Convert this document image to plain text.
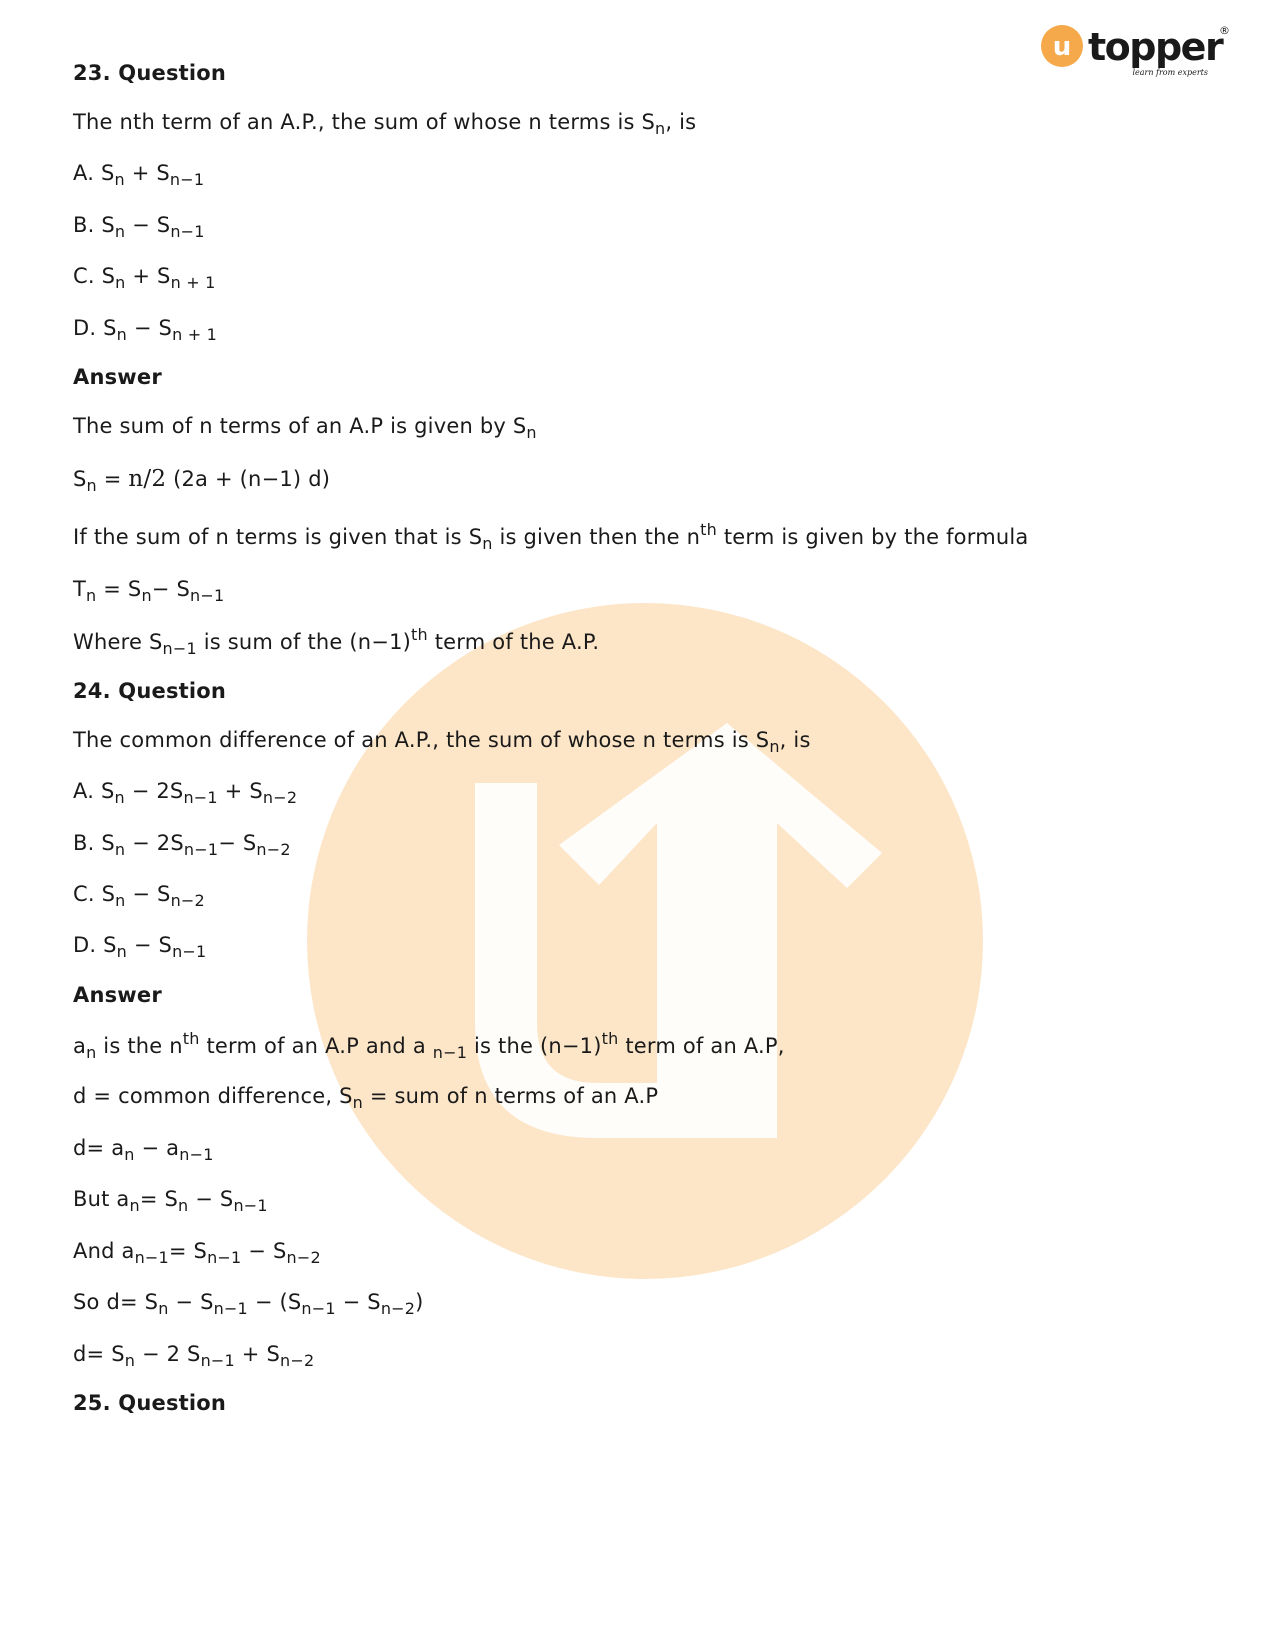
u topper
®
learn from experts
23. Question
The nth term of an A.P., the sum of whose n terms is $S_n$, is
A. $S_n + S_{n-1}$
B. $S_n - S_{n-1}$
C. $S_n + S_{n + 1}$
D. $S_n - S_{n + 1}$
Answer
The sum of n terms of an A.P is given by $S_n$
$S_n = n/2$ (2a + (n−1) d)
If the sum of n terms is given that is $S_n$ is given then the $n^{th}$ term is given by the formula
$T_n = S_n- S_{n-1}$
Where $S_{n-1}$ is sum of the $(n-1)^{th}$ term of the A.P.
24. Question
The common difference of an A.P., the sum of whose n terms is $S_n$, is
A. $S_n - 2S_{n-1} + S_{n-2}$
B. $S_n - 2S_{n-1}- S_{n-2}$
C. $S_n - S_{n-2}$
D. $S_n - S_{n-1}$
Answer
$a_n$ is the $n^{th}$ term of an A.P and a $_{n-1}$ is the $(n-1)^{th}$ term of an A.P,
d = common difference, $S_n$ = sum of n terms of an A.P
$d= a_n - a_{n-1}$
But $a_n= S_n - S_{n-1}$
And $a_{n-1}= S_{n-1} - S_{n-2}$
So $d= S_n - S_{n-1} - (S_{n-1} - S_{n-2})$
$d= S_n - 2$ $S_{n-1} + S_{n-2}$
25. Question
